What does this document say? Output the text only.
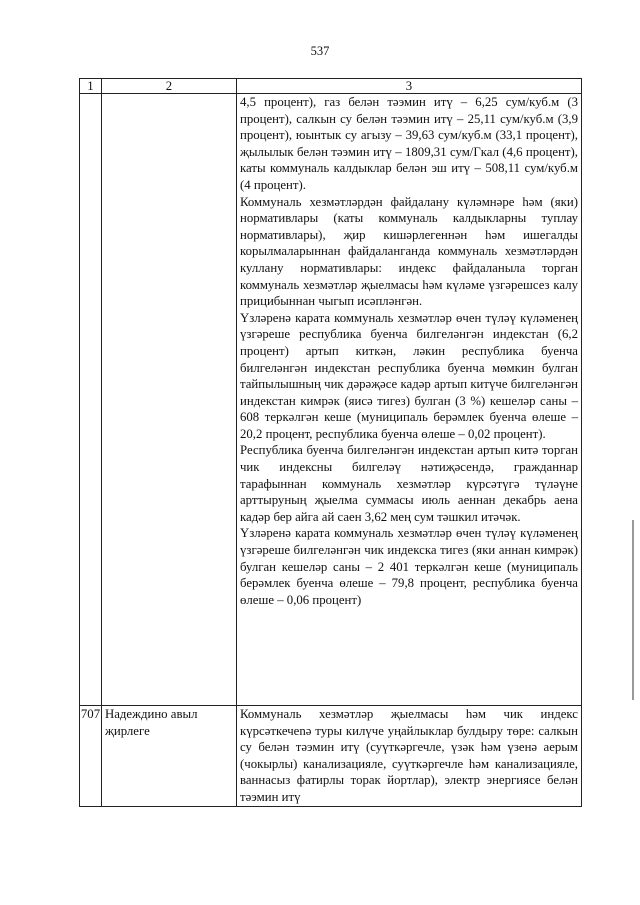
537
1	2	3

		4,5 процент), газ белән тәэмин итү – 6,25 сум/куб.м (3 процент), салкын су белән тәэмин итү – 25,11 сум/куб.м (3,9 процент), юынтык су агызу – 39,63 сум/куб.м (33,1 процент), җылылык белән тәэмин итү – 1809,31 сум/Гкал (4,6 процент), каты коммуналь калдыклар белән эш итү – 508,11 сум/куб.м (4 процент).

Коммуналь хезмәтләрдән файдалану күләмнәре һәм (яки) нормативлары (каты коммуналь калдыкларны туплау нормативлары), җир кишәрлегеннән һәм ишегалды корылмаларыннан файдаланганда коммуналь хезмәтләрдән куллану нормативлары: индекс файдаланыла торган коммуналь хезмәтләр җыелмасы һәм күләме үзгәрешсез калу прицибыннан чыгып исәпләнгән.

Үзләренә карата коммуналь хезмәтләр өчен түләү күләменең үзгәреше республика буенча билгеләнгән индекстан (6,2 процент) артып киткән, ләкин республика буенча билгеләнгән индекстан республика буенча мөмкин булган тайпылышның чик дәрәҗәсе кадәр артып китүче билгеләнгән индекстан кимрәк (яисә тигез) булган (3 %) кешеләр саны – 608 теркәлгән кеше (муниципаль берәмлек буенча өлеше – 20,2 процент, республика буенча өлеше – 0,02 процент).

Республика буенча билгеләнгән индекстан артып китә торган чик индексны билгеләү нәтиҗәсендә, гражданнар тарафыннан коммуналь хезмәтләр күрсәтүгә түләүне арттыруның җыелма суммасы июль аеннан декабрь аена кадәр бер айга ай саен 3,62 мең сум тәшкил итәчәк.

Үзләренә карата коммуналь хезмәтләр өчен түләү күләменең үзгәреше билгеләнгән чик индекска тигез (яки аннан кимрәк) булган кешеләр саны – 2 401 теркәлгән кеше (муниципаль берәмлек буенча өлеше – 79,8 процент, республика буенча өлеше – 0,06 процент)

707	Надеждино авыл җирлеге	Коммуналь хезмәтләр җыелмасы һәм чик индекс күрсәткечenә туры килүче уңайлыклар булдыру төре: салкын су белән тәэмин итү (суүткәргечле, үзәк һәм үзенә аерым (чокырлы) канализацияле, суүткәргечле һәм канализацияле, ваннасыз фатирлы торак йортлар), электр энергиясе белән тәэмин итү
